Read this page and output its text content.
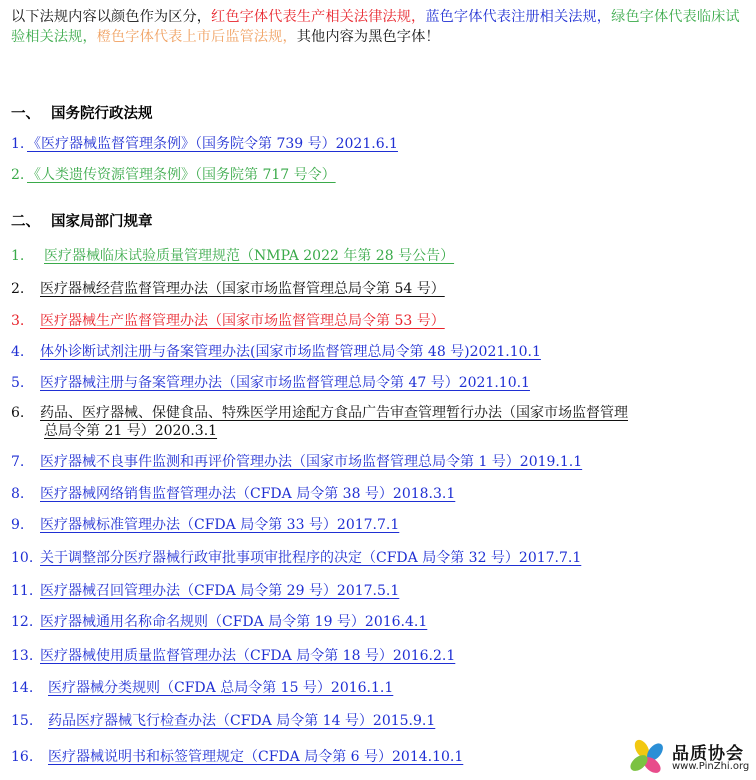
以下法规内容以颜色作为区分，红色字体代表生产相关法律法规，蓝色字体代表注册相关法规，绿色字体代表临床试验相关法规，橙色字体代表上市后监管法规，其他内容为黑色字体！
一、 国务院行政法规
1. 《医疗器械监督管理条例》（国务院令第 739 号）2021.6.1
2. 《人类遗传资源管理条例》（国务院第 717 号令）
二、 国家局部门规章
1. 医疗器械临床试验质量管理规范（NMPA 2022 年第 28 号公告）
2. 医疗器械经营监督管理办法（国家市场监督管理总局令第 54 号）
3. 医疗器械生产监督管理办法（国家市场监督管理总局令第 53 号）
4. 体外诊断试剂注册与备案管理办法(国家市场监督管理总局令第 48 号)2021.10.1
5. 医疗器械注册与备案管理办法（国家市场监督管理总局令第 47 号）2021.10.1
6. 药品、医疗器械、保健食品、特殊医学用途配方食品广告审查管理暂行办法（国家市场监督管理
总局令第 21 号）2020.3.1
7. 医疗器械不良事件监测和再评价管理办法（国家市场监督管理总局令第 1 号）2019.1.1
8. 医疗器械网络销售监督管理办法（CFDA 局令第 38 号）2018.3.1
9. 医疗器械标准管理办法（CFDA 局令第 33 号）2017.7.1
10. 关于调整部分医疗器械行政审批事项审批程序的决定（CFDA 局令第 32 号）2017.7.1
11. 医疗器械召回管理办法（CFDA 局令第 29 号）2017.5.1
12. 医疗器械通用名称命名规则（CFDA 局令第 19 号）2016.4.1
13. 医疗器械使用质量监督管理办法（CFDA 局令第 18 号）2016.2.1
14. 医疗器械分类规则（CFDA 总局令第 15 号）2016.1.1
15. 药品医疗器械飞行检查办法（CFDA 局令第 14 号）2015.9.1
16. 医疗器械说明书和标签管理规定（CFDA 局令第 6 号）2014.10.1	品质协会
www.PinZhi.org
